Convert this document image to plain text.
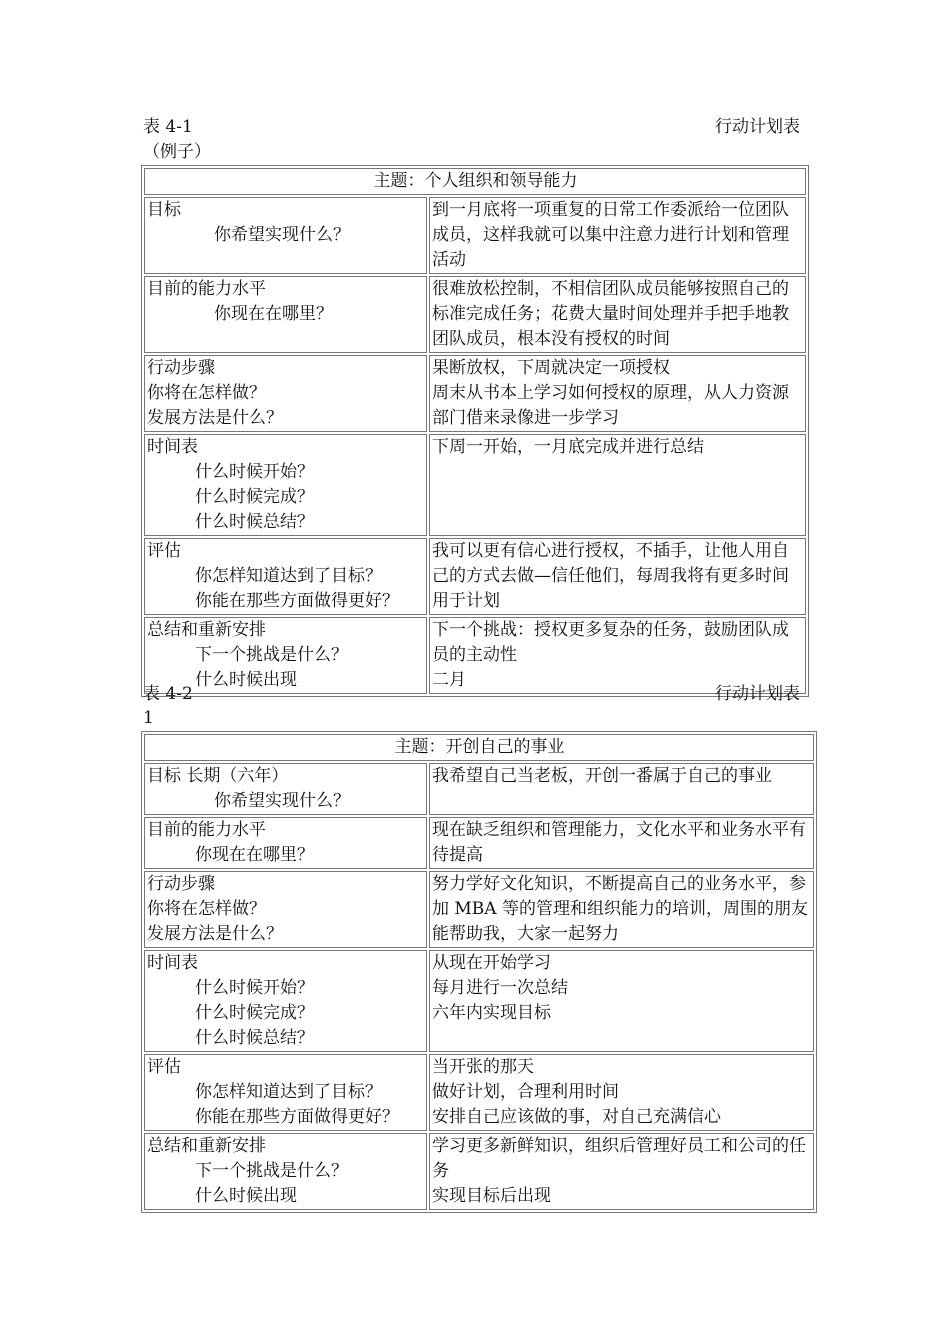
表 4-1	行动计划表
（例子）
主题：个人组织和领导能力	

目标
你希望实现什么？	到一月底将一项重复的日常工作委派给一位团队成员，这样我就可以集中注意力进行计划和管理活动

目前的能力水平
你现在在哪里？	很难放松控制，不相信团队成员能够按照自己的标准完成任务；花费大量时间处理并手把手地教团队成员，根本没有授权的时间

行动步骤
你将在怎样做？
发展方法是什么？	果断放权，下周就决定一项授权
周末从书本上学习如何授权的原理，从人力资源部门借来录像进一步学习

时间表
什么时候开始？
什么时候完成？
什么时候总结？	下周一开始，一月底完成并进行总结

评估
你怎样知道达到了目标？
你能在那些方面做得更好？	我可以更有信心进行授权，不插手，让他人用自己的方式去做—信任他们，每周我将有更多时间用于计划

总结和重新安排
下一个挑战是什么？
什么时候出现	下一个挑战：授权更多复杂的任务，鼓励团队成员的主动性
二月
表 4-2	行动计划表
1
主题：开创自己的事业	

目标 长期（六年）
你希望实现什么？	我希望自己当老板，开创一番属于自己的事业

目前的能力水平
你现在在哪里？	现在缺乏组织和管理能力，文化水平和业务水平有待提高

行动步骤
你将在怎样做？
发展方法是什么？	努力学好文化知识，不断提高自己的业务水平，参加 MBA 等的管理和组织能力的培训，周围的朋友能帮助我，大家一起努力

时间表
什么时候开始？
什么时候完成？
什么时候总结？	从现在开始学习
每月进行一次总结
六年内实现目标

评估
你怎样知道达到了目标？
你能在那些方面做得更好？	当开张的那天
做好计划，合理利用时间
安排自己应该做的事，对自己充满信心

总结和重新安排
下一个挑战是什么？
什么时候出现	学习更多新鲜知识，组织后管理好员工和公司的任务
实现目标后出现
